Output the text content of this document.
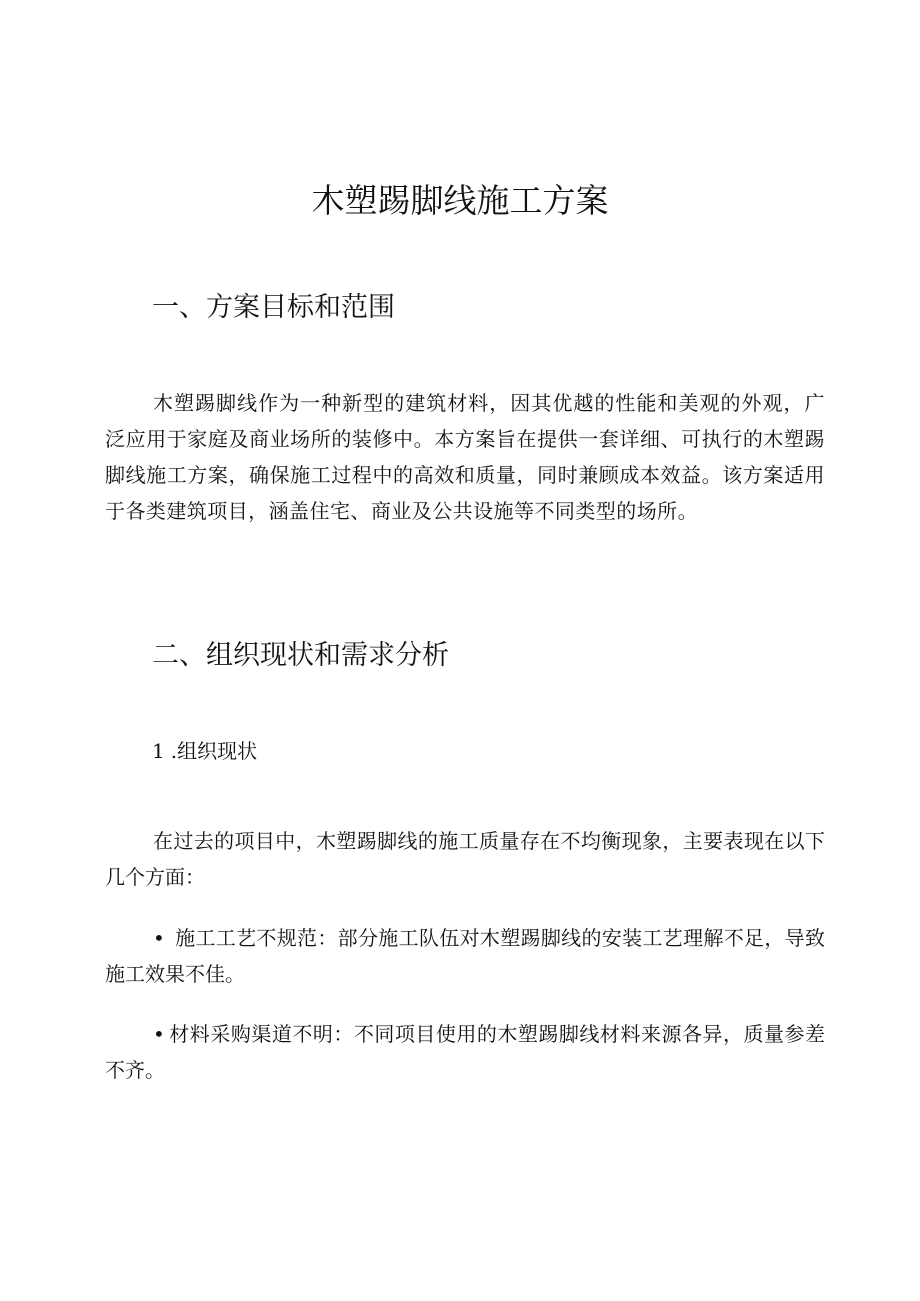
木塑踢脚线施工方案
一、方案目标和范围

木塑踢脚线作为一种新型的建筑材料，因其优越的性能和美观的外观，广泛应用于家庭及商业场所的装修中。本方案旨在提供一套详细、可执行的木塑踢脚线施工方案，确保施工过程中的高效和质量，同时兼顾成本效益。该方案适用于各类建筑项目，涵盖住宅、商业及公共设施等不同类型的场所。

二、组织现状和需求分析

1.组织现状

在过去的项目中，木塑踢脚线的施工质量存在不均衡现象，主要表现在以下几个方面：

• 施工工艺不规范：部分施工队伍对木塑踢脚线的安装工艺理解不足，导致施工效果不佳。

• 材料采购渠道不明：不同项目使用的木塑踢脚线材料来源各异，质量参差不齐。
